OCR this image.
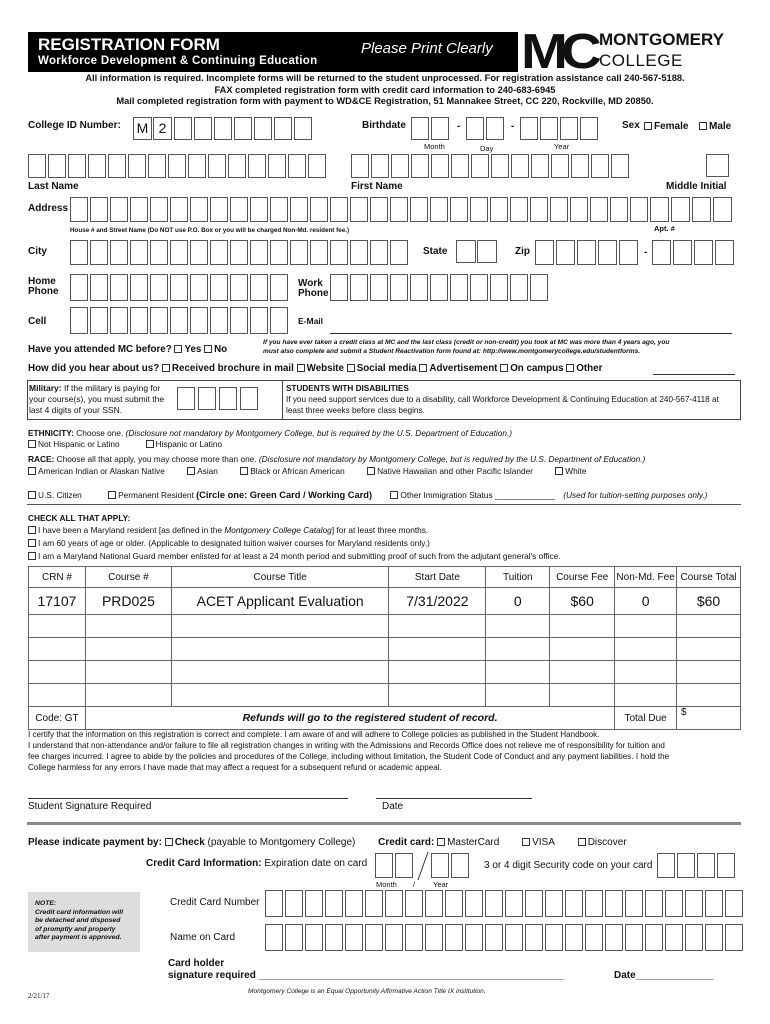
REGISTRATION FORM
Workforce Development & Continuing Education
Please Print Clearly MC MONTGOMERY
COLLEGE
All information is required. Incomplete forms will be returned to the student unprocessed. For registration assistance call 240-567-5188.
FAX completed registration form with credit card information to 240-683-6945
Mail completed registration form with payment to WD&CE Registration, 51 Mannakee Street, CC 220, Rockville, MD 20850.
College ID Number: M 2	Birthdate	-	-
Month	Day	Year
Sex	Female	Male
Last Name	First Name	Middle Initial
Address
House # and Street Name (Do NOT use P.O. Box or you will be charged Non-Md. resident fee.)	Apt. #
City	State	Zip	-
Home
Phone
Work
Phone
Cell	E-Mail
Have you attended MC before? Yes No
If you have ever taken a credit class at MC and the last class (credit or non-credit) you took at MC was more than 4 years ago, you
must also complete and submit a Student Reactivation form found at: http://www.montgomerycollege.edu/studentforms.
How did you hear about us? Received brochure in mail Website Social media Advertisement On campus Other
Military: If the military is paying for
your course(s), you must submit the
last 4 digits of your SSN.
STUDENTS WITH DISABILITIES
If you need support services due to a disability, call Workforce Development & Continuing Education at 240-567-4118 at
least three weeks before class begins.
ETHNICITY: Choose one. (Disclosure not mandatory by Montgomery College, but is required by the U.S. Department of Education.)
Not Hispanic or Latino	Hispanic or Latino
RACE: Choose all that apply, you may choose more than one. (Disclosure not mandatory by Montgomery College, but is required by the U.S. Department of Education.)
American Indian or Alaskan Native	Asian	Black or African American	Native Hawaiian and other Pacific Islander	White
U.S. Citizen	Permanent Resident (Circle one: Green Card / Working Card)	Other Immigration Status _____________ (Used for tuition-setting purposes only.)
CHECK ALL THAT APPLY:
I have been a Maryland resident [as defined in the Montgomery College Catalog] for at least three months.
I am 60 years of age or older. (Applicable to designated tuition waiver courses for Maryland residents only.)
I am a Maryland National Guard member enlisted for at least a 24 month period and submitting proof of such from the adjutant general's office.
CRN #	Course #	Course Title	Start Date	Tuition	Course Fee	Non-Md. Fee	Course Total
17107	PRD025	ACET Applicant Evaluation	7/31/2022	0	$60	0	$60

Code: GT	Refunds will go to the registered student of record.					Total Due	$
I certify that the information on this registration is correct and complete. I am aware of and will adhere to College policies as published in the Student Handbook.
I understand that non-attendance and/or failure to file all registration changes in writing with the Admissions and Records Office does not relieve me of responsibility for tuition and
fee charges incurred. I agree to abide by the policies and procedures of the College, including without limitation, the Student Code of Conduct and any payment liabilities. I hold the
College harmless for any errors I have made that may affect a request for a subsequent refund or academic appeal.
Student Signature Required	Date
Please indicate payment by: Check (payable to Montgomery College) Credit card: MasterCard	VISA	Discover
Credit Card Information: Expiration date on card	3 or 4 digit Security code on your card
Month / Year
NOTE:
Credit card information will
be detached and disposed
of promptly and properly
after payment is approved.
Credit Card Number
Name on Card
Card holder
signature required _______________________________________________________	Date______________
2/21/17
Montgomery College is an Equal Opportunity Affirmative Action Title IX institution.
